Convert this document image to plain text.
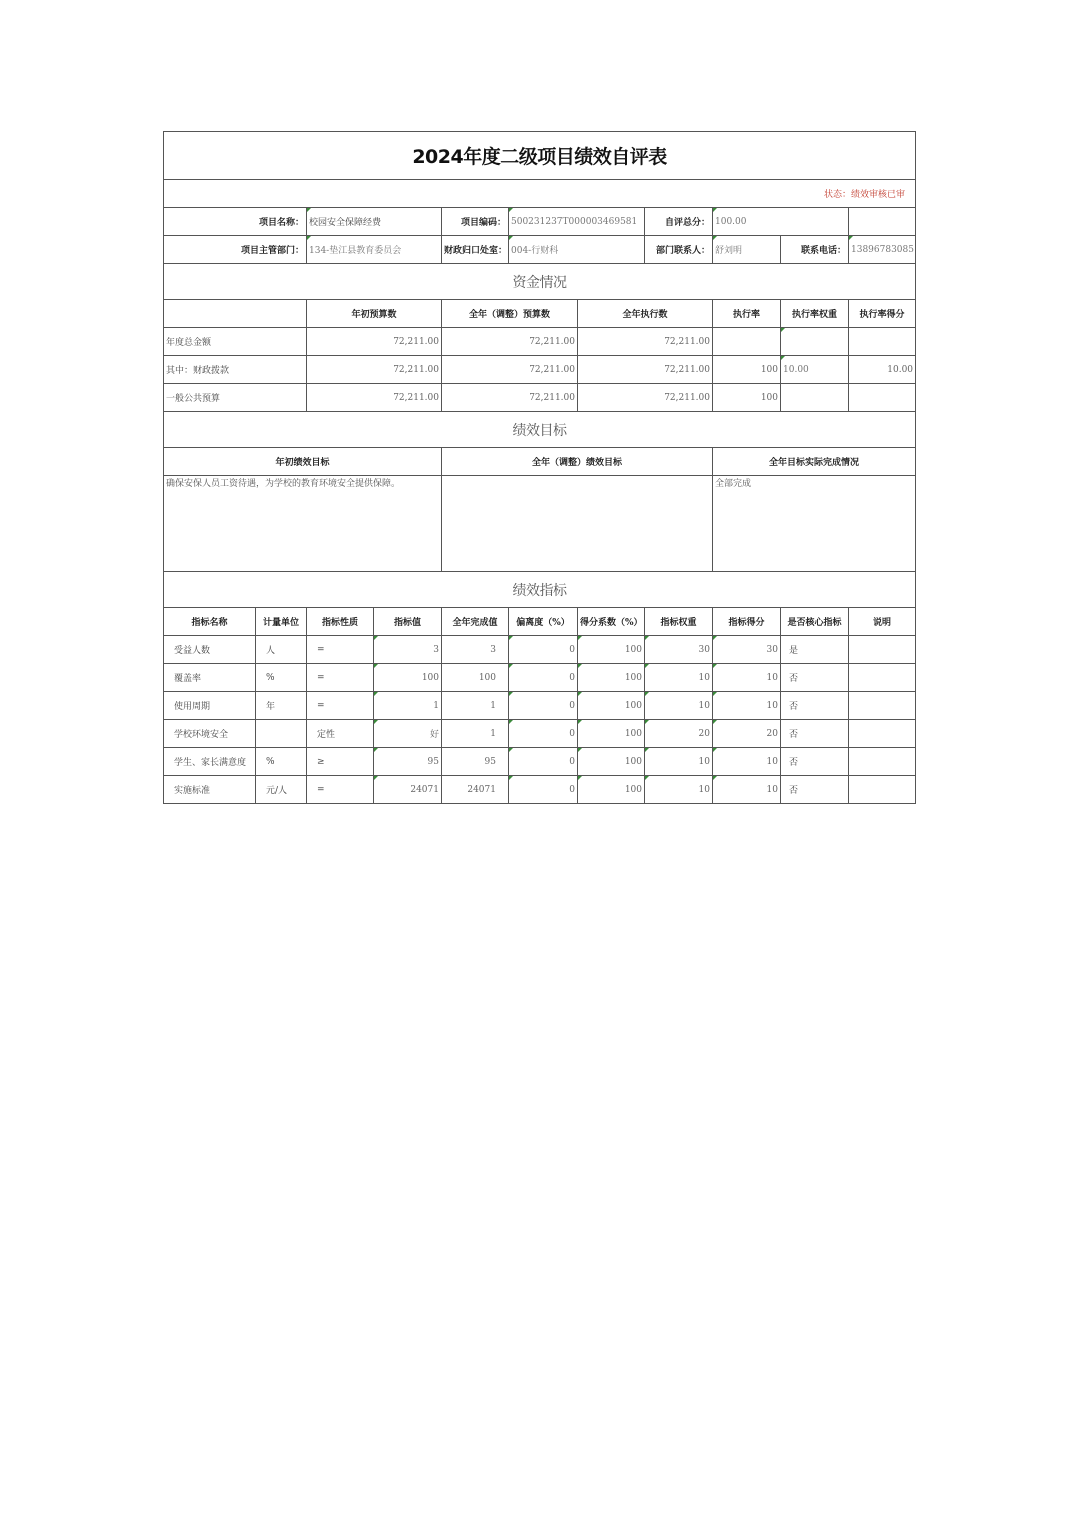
2024年度二级项目绩效自评表										
状态：绩效审核已审										
项目名称：		校园安全保障经费		项目编码：	500231237T000003469581		自评总分：	100.00		
项目主管部门：		134-垫江县教育委员会		财政归口处室：	004-行财科		部门联系人：	舒刘明	联系电话：	13896783085
资金情况										
		年初预算数		全年（调整）预算数		全年执行数		执行率	执行率权重	执行率得分
年度总金额		72,211.00		72,211.00		72,211.00				
其中：财政拨款		72,211.00		72,211.00		72,211.00		100	10.00	10.00
一般公共预算		72,211.00		72,211.00		72,211.00		100		
绩效目标										
年初绩效目标				全年（调整）绩效目标				全年目标实际完成情况		
确保安保人员工资待遇，为学校的教育环境安全提供保障。								全部完成		
绩效指标										
指标名称	计量单位	指标性质	指标值	全年完成值	偏离度（%）	得分系数（%）	指标权重	指标得分	是否核心指标	说明
受益人数	人	=	3	3	0	100	30	30	是	
覆盖率	%	=	100	100	0	100	10	10	否	
使用周期	年	=	1	1	0	100	10	10	否	
学校环境安全		定性	好	1	0	100	20	20	否	
学生、家长满意度	%	≥	95	95	0	100	10	10	否	
实施标准	元/人	=	24071	24071	0	100	10	10	否	
